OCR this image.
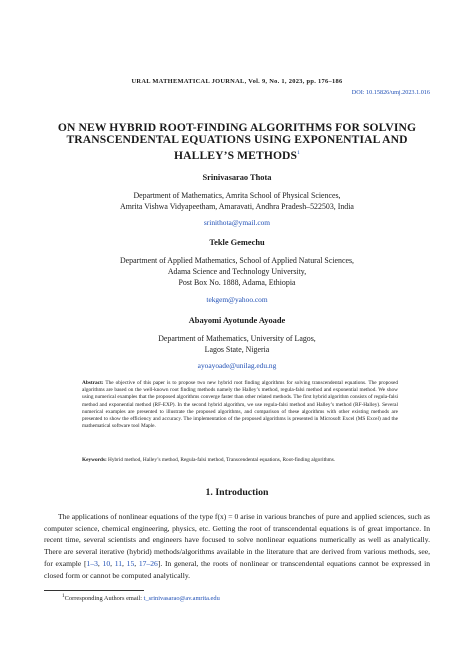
URAL MATHEMATICAL JOURNAL, Vol. 9, No. 1, 2023, pp. 176–186
DOI: 10.15826/umj.2023.1.016
ON NEW HYBRID ROOT-FINDING ALGORITHMS FOR SOLVING TRANSCENDENTAL EQUATIONS USING EXPONENTIAL AND HALLEY’S METHODS$^1$
Srinivasarao Thota
Department of Mathematics, Amrita School of Physical Sciences,
Amrita Vishwa Vidyapeetham, Amaravati, Andhra Pradesh–522503, India
srinithota@ymail.com
Tekle Gemechu
Department of Applied Mathematics, School of Applied Natural Sciences,
Adama Science and Technology University,
Post Box No. 1888, Adama, Ethiopia
tekgem@yahoo.com
Abayomi Ayotunde Ayoade
Department of Mathematics, University of Lagos,
Lagos State, Nigeria
ayoayoade@unilag.edu.ng
Abstract: The objective of this paper is to propose two new hybrid root finding algorithms for solving transcendental equations. The proposed algorithms are based on the well-known root finding methods namely the Halley’s method, regula-falsi method and exponential method. We show using numerical examples that the proposed algorithms converge faster than other related methods. The first hybrid algorithm consists of regula-falsi method and exponential method (RF-EXP). In the second hybrid algorithm, we use regula-falsi method and Halley’s method (RF-Halley). Several numerical examples are presented to illustrate the proposed algorithms, and comparison of these algorithms with other existing methods are presented to show the efficiency and accuracy. The implementation of the proposed algorithms is presented in Microsoft Excel (MS Excel) and the mathematical software tool Maple.
Keywords: Hybrid method, Halley’s method, Regula-falsi method, Transcendental equations, Root-finding algorithms.
1. Introduction
The applications of nonlinear equations of the type f(x) = 0 arise in various branches of pure and applied sciences, such as computer science, chemical engineering, physics, etc. Getting the root of transcendental equations is of great importance. In recent time, several scientists and engineers have focused to solve nonlinear equations numerically as well as analytically. There are several iterative (hybrid) methods/algorithms available in the literature that are derived from various methods, see, for example [1–3, 10, 11, 15, 17–26]. In general, the roots of nonlinear or transcendental equations cannot be expressed in closed form or cannot be computed analytically.
$^1$Corresponding Authors email: t_srinivasarao@av.amrita.edu
